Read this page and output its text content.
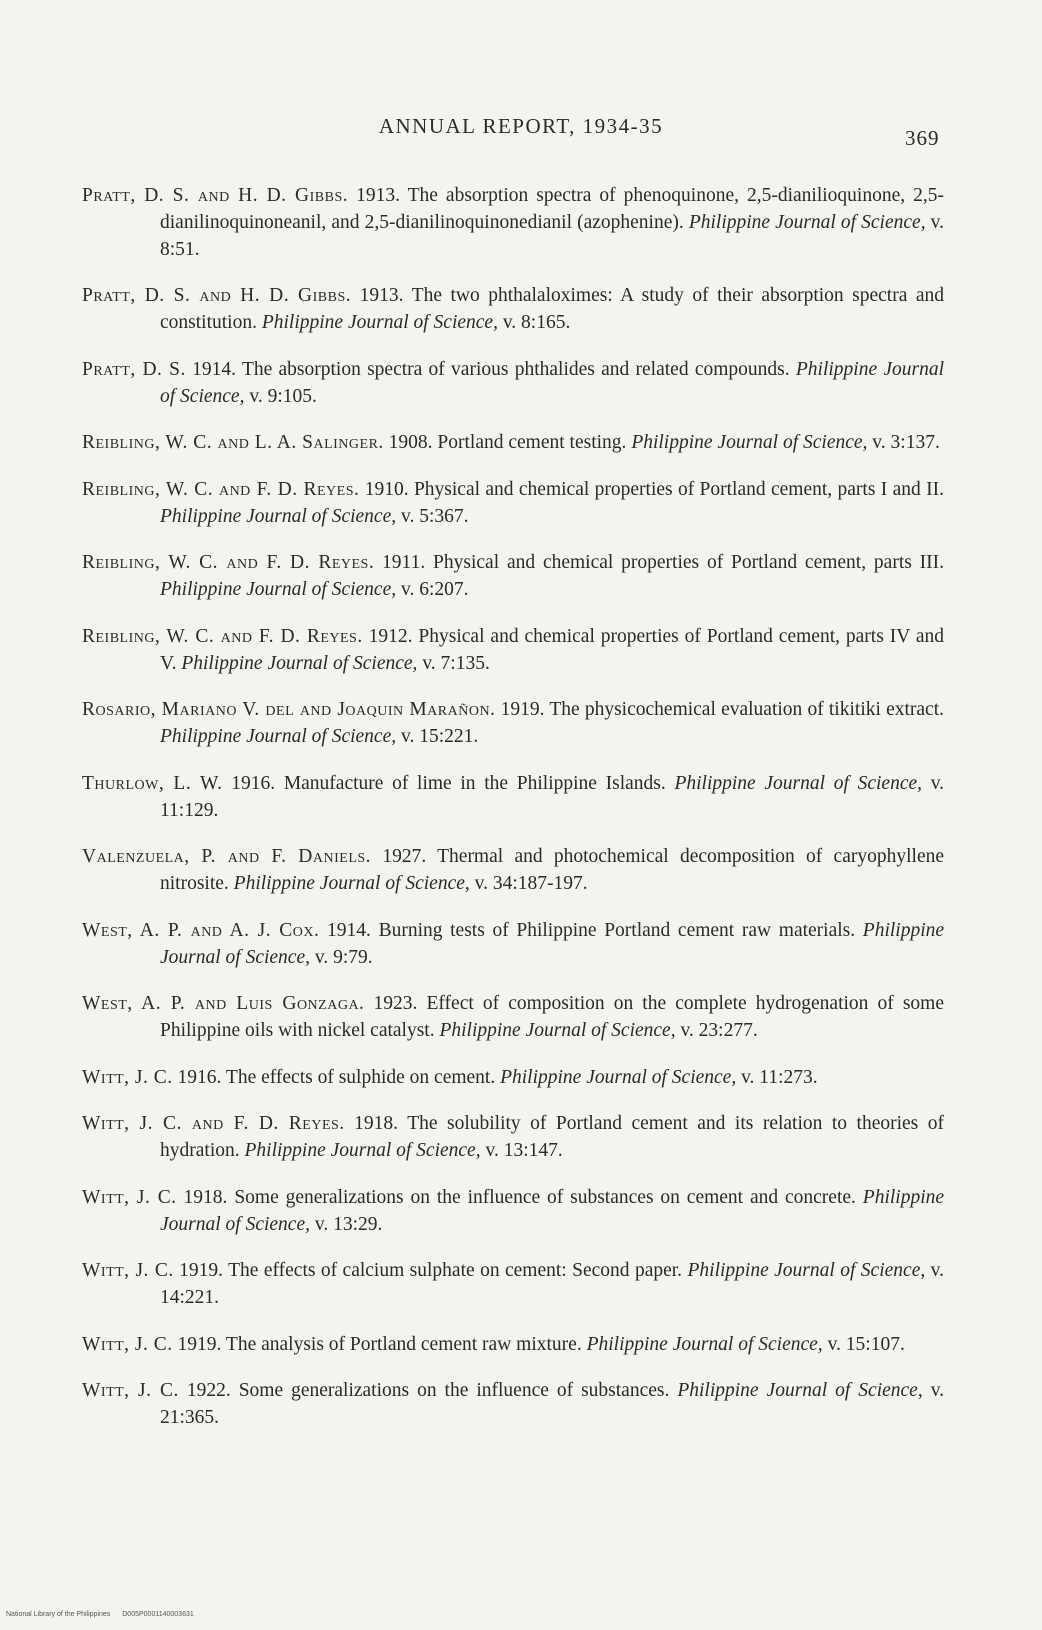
ANNUAL REPORT, 1934-35	369

Pratt, D. S. and H. D. Gibbs. 1913. The absorption spectra of phenoquinone, 2,5-dianilioquinone, 2,5-dianilinoquinoneanil, and 2,5-dianilinoquinonedianil (azophenine). Philippine Journal of Science, v. 8:51.

Pratt, D. S. and H. D. Gibbs. 1913. The two phthalaloximes: A study of their absorption spectra and constitution. Philippine Journal of Science, v. 8:165.

Pratt, D. S. 1914. The absorption spectra of various phthalides and related compounds. Philippine Journal of Science, v. 9:105.

Reibling, W. C. and L. A. Salinger. 1908. Portland cement testing. Philippine Journal of Science, v. 3:137.

Reibling, W. C. and F. D. Reyes. 1910. Physical and chemical properties of Portland cement, parts I and II. Philippine Journal of Science, v. 5:367.

Reibling, W. C. and F. D. Reyes. 1911. Physical and chemical properties of Portland cement, parts III. Philippine Journal of Science, v. 6:207.

Reibling, W. C. and F. D. Reyes. 1912. Physical and chemical properties of Portland cement, parts IV and V. Philippine Journal of Science, v. 7:135.

Rosario, Mariano V. del and Joaquin Marañon. 1919. The physicochemical evaluation of tikitiki extract. Philippine Journal of Science, v. 15:221.

Thurlow, L. W. 1916. Manufacture of lime in the Philippine Islands. Philippine Journal of Science, v. 11:129.

Valenzuela, P. and F. Daniels. 1927. Thermal and photochemical decomposition of caryophyllene nitrosite. Philippine Journal of Science, v. 34:187-197.

West, A. P. and A. J. Cox. 1914. Burning tests of Philippine Portland cement raw materials. Philippine Journal of Science, v. 9:79.

West, A. P. and Luis Gonzaga. 1923. Effect of composition on the complete hydrogenation of some Philippine oils with nickel catalyst. Philippine Journal of Science, v. 23:277.

Witt, J. C. 1916. The effects of sulphide on cement. Philippine Journal of Science, v. 11:273.

Witt, J. C. and F. D. Reyes. 1918. The solubility of Portland cement and its relation to theories of hydration. Philippine Journal of Science, v. 13:147.

Witt, J. C. 1918. Some generalizations on the influence of substances on cement and concrete. Philippine Journal of Science, v. 13:29.

Witt, J. C. 1919. The effects of calcium sulphate on cement: Second paper. Philippine Journal of Science, v. 14:221.

Witt, J. C. 1919. The analysis of Portland cement raw mixture. Philippine Journal of Science, v. 15:107.

Witt, J. C. 1922. Some generalizations on the influence of substances. Philippine Journal of Science, v. 21:365.

National Library of the Philippines D005P0001140003631
